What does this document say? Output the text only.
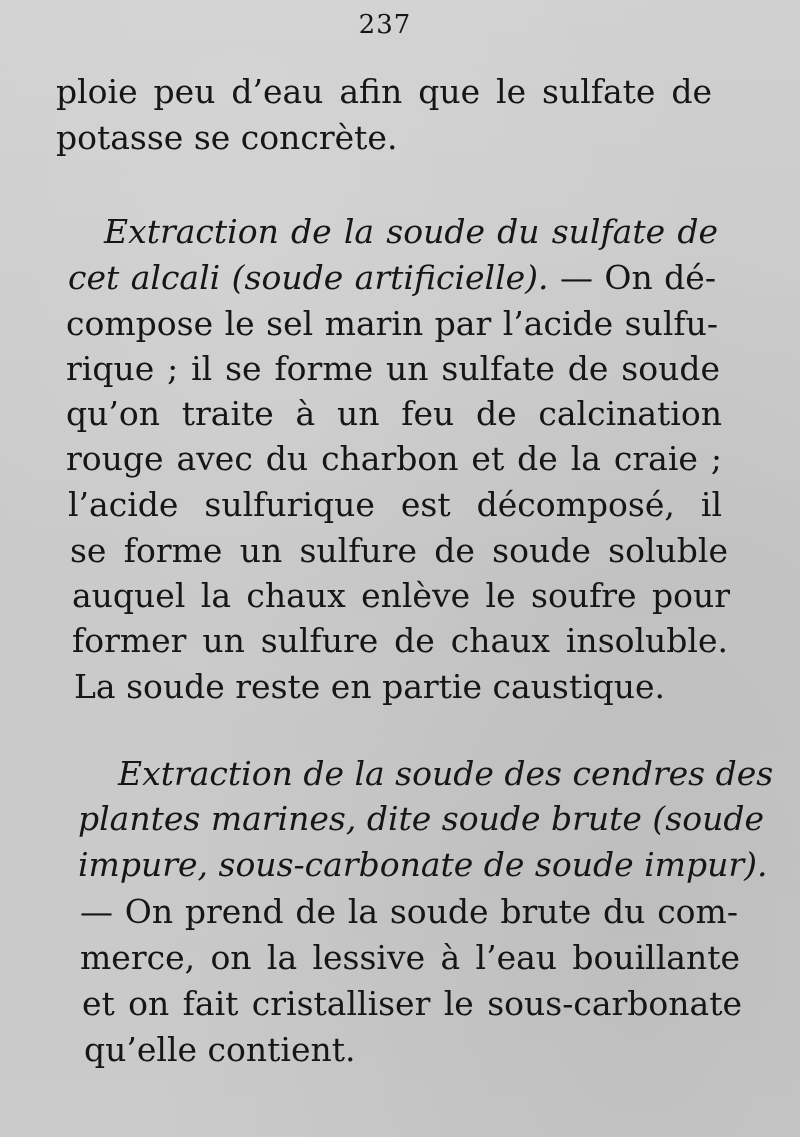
237
ploie peu d’eau afin que le sulfate de
potasse se concrète.
Extraction de la soude du sulfate de
cet alcali (soude artificielle). — On dé-
compose le sel marin par l’acide sulfu-
rique ; il se forme un sulfate de soude
qu’on traite à un feu de calcination
rouge avec du charbon et de la craie ;
l’acide sulfurique est décomposé, il
se forme un sulfure de soude soluble
auquel la chaux enlève le soufre pour
former un sulfure de chaux insoluble.
La soude reste en partie caustique.
Extraction de la soude des cendres des
plantes marines, dite soude brute (soude
impure, sous-carbonate de soude impur).
— On prend de la soude brute du com-
merce, on la lessive à l’eau bouillante
et on fait cristalliser le sous-carbonate
qu’elle contient.
